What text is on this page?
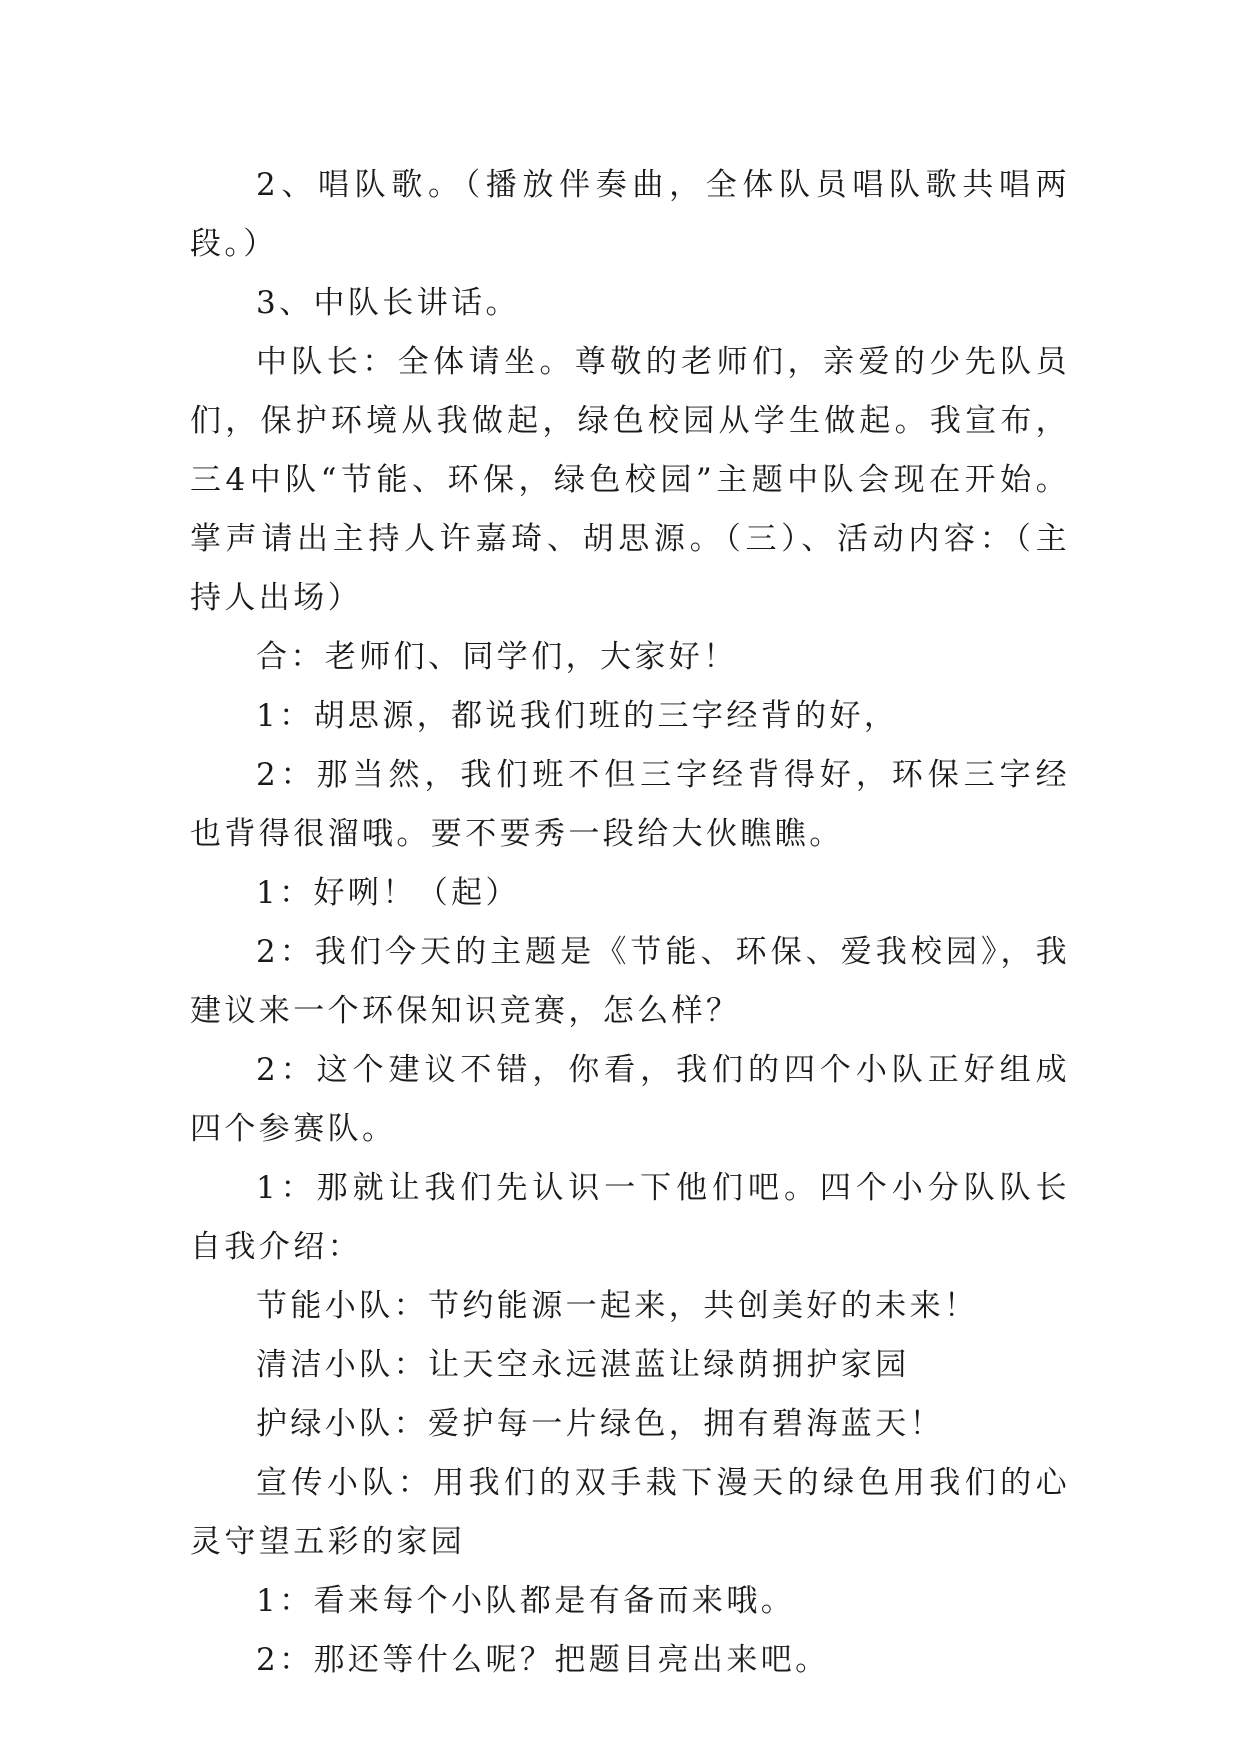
2、唱队歌。（播放伴奏曲，全体队员唱队歌共唱两段。）

3、中队长讲话。

中队长：全体请坐。尊敬的老师们，亲爱的少先队员们，保护环境从我做起，绿色校园从学生做起。我宣布，三4中队“节能、环保，绿色校园”主题中队会现在开始。掌声请出主持人许嘉琦、胡思源。（三）、活动内容：（主持人出场）

合：老师们、同学们，大家好！

1：胡思源，都说我们班的三字经背的好，

2：那当然，我们班不但三字经背得好，环保三字经也背得很溜哦。要不要秀一段给大伙瞧瞧。

1：好咧！（起）

2：我们今天的主题是《节能、环保、爱我校园》，我建议来一个环保知识竞赛，怎么样？

2：这个建议不错，你看，我们的四个小队正好组成四个参赛队。

1：那就让我们先认识一下他们吧。四个小分队队长自我介绍：

节能小队：节约能源一起来，共创美好的未来！

清洁小队：让天空永远湛蓝让绿荫拥护家园

护绿小队：爱护每一片绿色，拥有碧海蓝天！

宣传小队：用我们的双手栽下漫天的绿色用我们的心灵守望五彩的家园

1：看来每个小队都是有备而来哦。

2：那还等什么呢？把题目亮出来吧。
